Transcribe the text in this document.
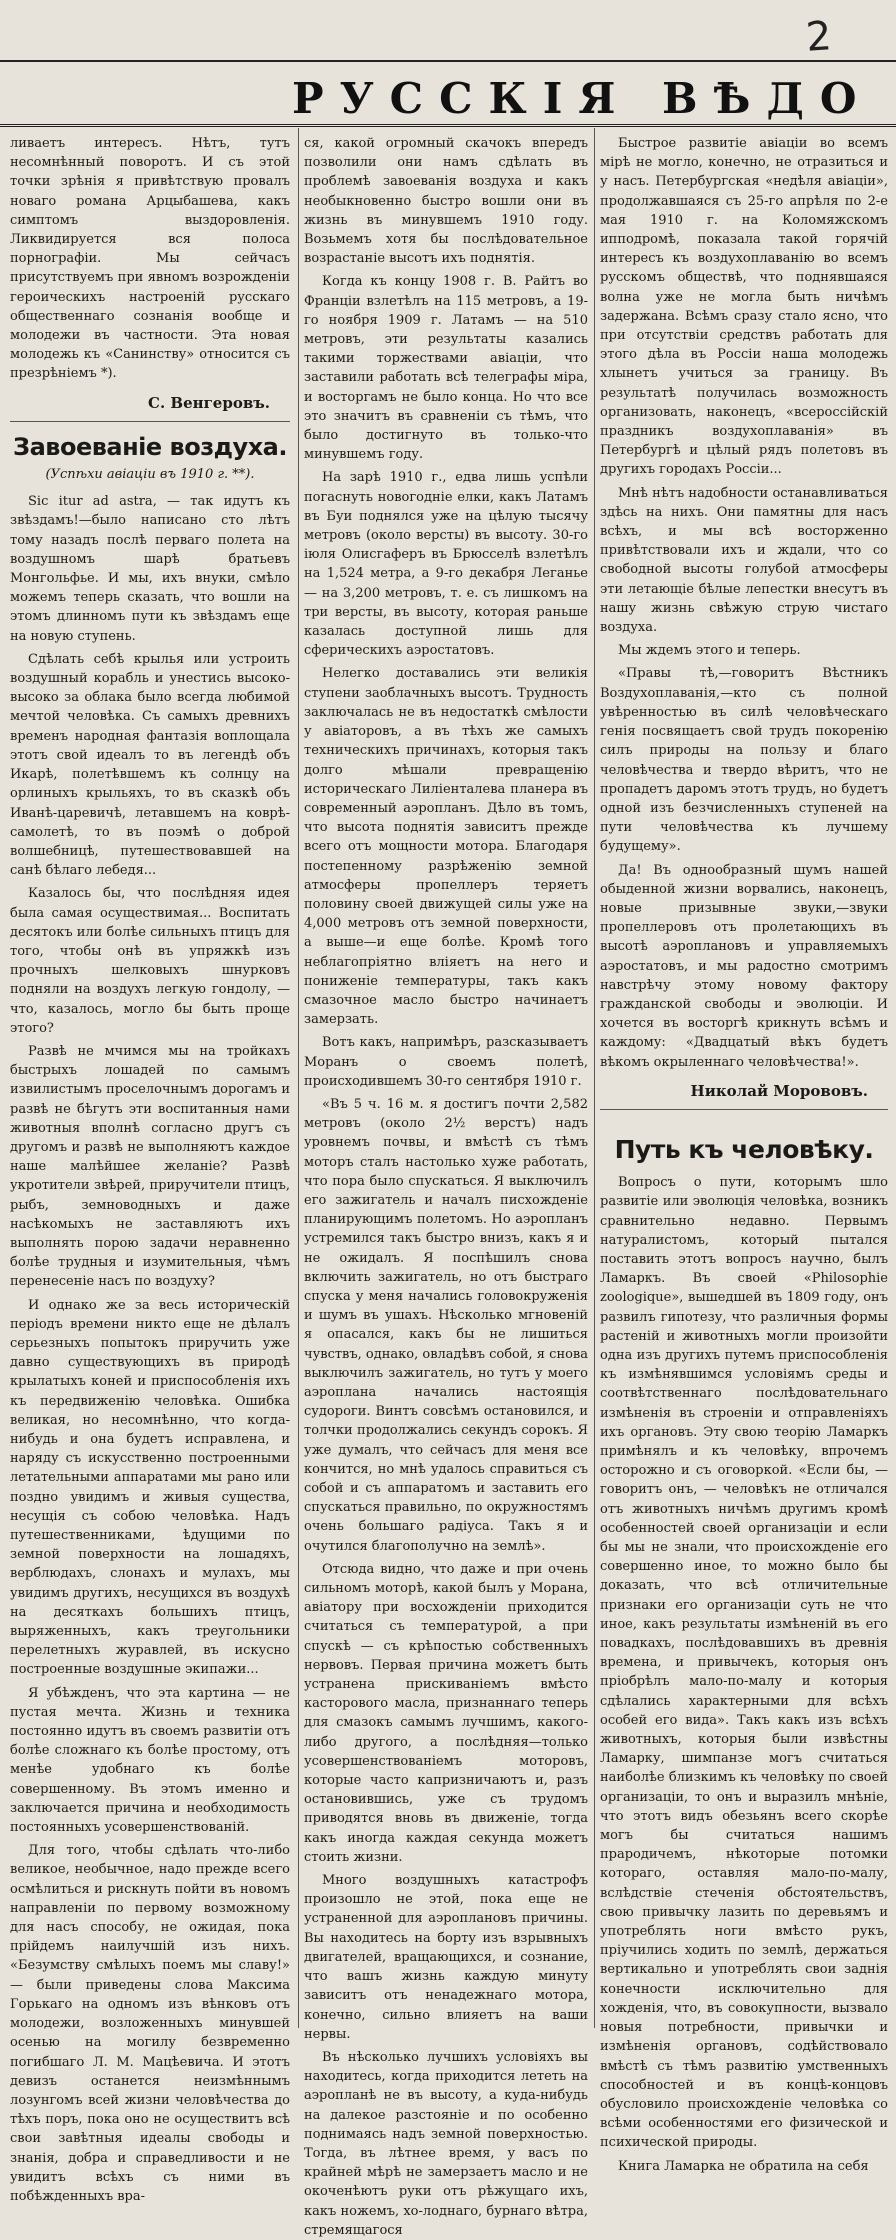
2
РУССКІЯ ВѢДО

ливаетъ интересъ. Нѣтъ, тутъ несомнѣнный поворотъ. И съ этой точки зрѣнія я привѣтствую провалъ новаго романа Арцыбашева, какъ симптомъ выздоровленія. Ликвидируется вся полоса порнографіи. Мы сейчасъ присутствуемъ при явномъ возрожденіи героическихъ настроеній русскаго общественнаго сознанія вообще и молодежи въ частности. Эта новая молодежь къ «Санинству» относится съ презрѣніемъ *).

С. Венгеровъ.
Завоеваніе воздуха.
(Успѣхи авіаціи въ 1910 г. **).

Sic itur ad astra, — так идутъ къ звѣздамъ!—было написано сто лѣтъ тому назадъ послѣ перваго полета на воздушномъ шарѣ братьевъ Монгольфье. И мы, ихъ внуки, смѣло можемъ теперь сказать, что вошли на этомъ длинномъ пути къ звѣздамъ еще на новую ступень.

Сдѣлать себѣ крылья или устроить воздушный корабль и унестись высоко-высоко за облака было всегда любимой мечтой человѣка. Съ самыхъ древнихъ временъ народная фантазія воплощала этотъ свой идеалъ то въ легендѣ объ Икарѣ, полетѣвшемъ къ солнцу на орлиныхъ крыльяхъ, то въ сказкѣ объ Иванѣ-царевичѣ, летавшемъ на коврѣ-самолетѣ, то въ поэмѣ о доброй волшебницѣ, путешествовавшей на санѣ бѣлаго лебедя...

Казалось бы, что послѣдняя идея была самая осуществимая... Воспитать десятокъ или болѣе сильныхъ птицъ для того, чтобы онѣ въ упряжкѣ изъ прочныхъ шелковыхъ шнурковъ подняли на воздухъ легкую гондолу, —что, казалось, могло бы быть проще этого?

Развѣ не мчимся мы на тройкахъ быстрыхъ лошадей по самымъ извилистымъ проселочнымъ дорогамъ и развѣ не бѣгутъ эти воспитанныя нами животныя вполнѣ согласно другъ съ другомъ и развѣ не выполняютъ каждое наше малѣйшее желаніе? Развѣ укротители звѣрей, приручители птицъ, рыбъ, земноводныхъ и даже насѣкомыхъ не заставляютъ ихъ выполнять порою задачи неравненно болѣе трудныя и изумительныя, чѣмъ перенесеніе насъ по воздуху?

И однако же за весь историческій періодъ времени никто еще не дѣлалъ серьезныхъ попытокъ приручить уже давно существующихъ въ природѣ крылатыхъ коней и приспособленія ихъ къ передвиженію человѣка. Ошибка великая, но несомнѣнно, что когда-нибудь и она будетъ исправлена, и наряду съ искусственно построенными летательными аппаратами мы рано или поздно увидимъ и живыя существа, несущія съ собою человѣка. Надъ путешественниками, ѣдущими по земной поверхности на лошадяхъ, верблюдахъ, слонахъ и мулахъ, мы увидимъ другихъ, несущихся въ воздухѣ на десяткахъ большихъ птицъ, выряженныхъ, какъ треугольники перелетныхъ журавлей, въ искусно построенные воздушные экипажи...

Я убѣжденъ, что эта картина — не пустая мечта. Жизнь и техника постоянно идутъ въ своемъ развитіи отъ болѣе сложнаго къ болѣе простому, отъ менѣе удобнаго къ болѣе совершенному. Въ этомъ именно и заключается причина и необходимость постоянныхъ усовершенствованій.

Для того, чтобы сдѣлать что-либо великое, необычное, надо прежде всего осмѣлиться и рискнуть пойти въ новомъ направленіи по первому возможному для насъ способу, не ожидая, пока прійдемъ наилучшій изъ нихъ. «Безумству смѣлыхъ поемъ мы славу!» — были приведены слова Максима Горькаго на одномъ изъ вѣнковъ отъ молодежи, возложенныхъ минувшей осенью на могилу безвременно погибшаго Л. М. Мацѣевича. И этотъ девизъ останется неизмѣннымъ лозунгомъ всей жизни человѣчества до тѣхъ поръ, пока оно не осуществитъ всѣ свои завѣтныя идеалы свободы и знанія, добра и справедливости и не увидитъ всѣхъ съ ними въ побѣжденныхъ вра-

ся, какой огромный скачокъ впередъ позволили они намъ сдѣлать въ проблемѣ завоеванія воздуха и какъ необыкновенно быстро вошли они въ жизнь въ минувшемъ 1910 году. Возьмемъ хотя бы послѣдовательное возрастаніе высотъ ихъ поднятія.

Когда къ концу 1908 г. В. Райтъ во Франціи взлетѣлъ на 115 метровъ, а 19-го ноября 1909 г. Латамъ — на 510 метровъ, эти результаты казались такими торжествами авіаціи, что заставили работать всѣ телеграфы міра, и восторгамъ не было конца. Но что все это значитъ въ сравненіи съ тѣмъ, что было достигнуто въ только-что минувшемъ году.

На зарѣ 1910 г., едва лишь успѣли погаснуть новогодніе елки, какъ Латамъ въ Буи поднялся уже на цѣлую тысячу метровъ (около версты) въ высоту. 30-го іюля Олисгаферъ въ Брюсселѣ взлетѣлъ на 1,524 метра, а 9-го декабря Леганье — на 3,200 метровъ, т. е. съ лишкомъ на три версты, въ высоту, которая раньше казалась доступной лишь для сферическихъ аэростатовъ.

Нелегко доставались эти великія ступени заоблачныхъ высотъ. Трудность заключалась не въ недостаткѣ смѣлости у авіаторовъ, а въ тѣхъ же самыхъ техническихъ причинахъ, которыя такъ долго мѣшали превращенію историческаго Лиліенталева планера въ современный аэропланъ. Дѣло въ томъ, что высота поднятія зависитъ прежде всего отъ мощности мотора. Благодаря постепенному разрѣженію земной атмосферы пропеллеръ теряетъ половину своей движущей силы уже на 4,000 метровъ отъ земной поверхности, а выше—и еще болѣе. Кромѣ того неблагопріятно вліяетъ на него и пониженіе температуры, такъ какъ смазочное масло быстро начинаетъ замерзать.

Вотъ какъ, напримѣръ, разсказываетъ Моранъ о своемъ полетѣ, происходившемъ 30-го сентября 1910 г.

«Въ 5 ч. 16 м. я достигъ почти 2,582 метровъ (около 2½ верстъ) надъ уровнемъ почвы, и вмѣстѣ съ тѣмъ моторъ сталъ настолько хуже работать, что пора было спускаться. Я выключилъ его зажигатель и началъ писхожденіе планирующимъ полетомъ. Но аэропланъ устремился такъ быстро внизъ, какъ я и не ожидалъ. Я поспѣшилъ снова включить зажигатель, но отъ быстраго спуска у меня начались головокруженія и шумъ въ ушахъ. Нѣсколько мгновеній я опасался, какъ бы не лишиться чувствъ, однако, овладѣвъ собой, я снова выключилъ зажигатель, но тутъ у моего аэроплана начались настоящія судороги. Винтъ совсѣмъ остановился, и толчки продолжались секундъ сорокъ. Я уже думалъ, что сейчасъ для меня все кончится, но мнѣ удалось справиться съ собой и съ аппаратомъ и заставить его спускаться правильно, по окружностямъ очень большаго радіуса. Такъ я и очутился благополучно на землѣ».

Отсюда видно, что даже и при очень сильномъ моторѣ, какой былъ у Морана, авіатору при восхожденіи приходится считаться съ температурой, а при спускѣ — съ крѣпостью собственныхъ нервовъ. Первая причина можетъ быть устранена прискиваніемъ вмѣсто касторового масла, признаннаго теперь для смазокъ самымъ лучшимъ, какого-либо другого, а послѣдняя—только усовершенствованіемъ моторовъ, которые часто капризничаютъ и, разъ остановившись, уже съ трудомъ приводятся вновь въ движеніе, тогда какъ иногда каждая секунда можетъ стоить жизни.

Много воздушныхъ катастрофъ произошло не этой, пока еще не устраненной для аэроплановъ причины. Вы находитесь на борту изъ взрывныхъ двигателей, вращающихся, и сознание, что вашъ жизнь каждую минуту зависитъ отъ ненадежнаго мотора, конечно, сильно влияетъ на ваши нервы.

Въ нѣсколько лучшихъ условіяхъ вы находитесь, когда приходится лететь на аэропланѣ не въ высоту, а куда-нибудь на далекое разстояніе и по особенно поднимаясь надъ земной поверхностью. Тогда, въ лѣтнее время, у васъ по крайней мѣрѣ не замерзаетъ масло и не окоченѣютъ руки отъ рѣжущаго ихъ, какъ ножемъ, хо-лоднаго, бурнаго вѣтра, стремящагося

Быстрое развитіе авіаціи во всемъ мірѣ не могло, конечно, не отразиться и у насъ. Петербургская «недѣля авіаціи», продолжавшаяся съ 25-го апрѣля по 2-е мая 1910 г. на Коломяжскомъ ипподромѣ, показала такой горячій интересъ къ воздухоплаванію во всемъ русскомъ обществѣ, что поднявшаяся волна уже не могла быть ничѣмъ задержана. Всѣмъ сразу стало ясно, что при отсутствіи средствъ работать для этого дѣла въ Россіи наша молодежь хлынетъ учиться за границу. Въ результатѣ получилась возможность организовать, наконецъ, «всероссійскій праздникъ воздухоплаванія» въ Петербургѣ и цѣлый рядъ полетовъ въ другихъ городахъ Россіи...

Мнѣ нѣтъ надобности останавливаться здѣсь на нихъ. Они памятны для насъ всѣхъ, и мы всѣ восторженно привѣтствовали ихъ и ждали, что со свободной высоты голубой атмосферы эти летающіе бѣлые лепестки внесутъ въ нашу жизнь свѣжую струю чистаго воздуха.

Мы ждемъ этого и теперь.

«Правы тѣ,—говоритъ Вѣстникъ Воздухоплаванія,—кто съ полной увѣренностью въ силѣ человѣческаго генія посвящаетъ свой трудъ покоренію силъ природы на пользу и благо человѣчества и твердо вѣритъ, что не пропадетъ даромъ этотъ трудъ, но будетъ одной изъ безчисленныхъ ступеней на пути человѣчества къ лучшему будущему».

Да! Въ однообразный шумъ нашей обыденной жизни ворвались, наконецъ, новые призывные звуки,—звуки пропеллеровъ отъ пролетающихъ въ высотѣ аэроплановъ и управляемыхъ аэростатовъ, и мы радостно смотримъ навстрѣчу этому новому фактору гражданской свободы и эволюціи. И хочется въ восторгѣ крикнуть всѣмъ и каждому: «Двадцатый вѣкъ будетъ вѣкомъ окрыленнаго человѣчества!».

Николай Морововъ.
Путь къ человѣку.

Вопросъ о пути, которымъ шло развитіе или эволюція человѣка, возникъ сравнительно недавно. Первымъ натуралистомъ, который пытался поставить этотъ вопросъ научно, былъ Ламаркъ. Въ своей «Philosophie zoologique», вышедшей въ 1809 году, онъ развилъ гипотезу, что различныя формы растеній и животныхъ могли произойти одна изъ другихъ путемъ приспособленія къ измѣнявшимся условіямъ среды и соотвѣтственнаго послѣдовательнаго измѣненія въ строеніи и отправленіяхъ ихъ органовъ. Эту свою теорію Ламаркъ примѣнялъ и къ человѣку, впрочемъ осторожно и съ оговоркой. «Если бы, — говоритъ онъ, — человѣкъ не отличался отъ животныхъ ничѣмъ другимъ кромѣ особенностей своей организаціи и если бы мы не знали, что происхожденіе его совершенно иное, то можно было бы доказать, что всѣ отличительные признаки его организаціи суть не что иное, какъ результаты измѣненій въ его повадкахъ, послѣдовавшихъ въ древнія времена, и привычекъ, которыя онъ пріобрѣлъ мало-по-малу и которыя сдѣлались характерными для всѣхъ особей его вида». Такъ какъ изъ всѣхъ животныхъ, которыя были извѣстны Ламарку, шимпанзе могъ считаться наиболѣе близкимъ къ человѣку по своей организаціи, то онъ и выразилъ мнѣніе, что этотъ видъ обезьянъ всего скорѣе могъ бы считаться нашимъ прародичемъ, нѣкоторые потомки котораго, оставляя мало-по-малу, вслѣдствіе стеченія обстоятельствъ, свою привычку лазить по деревьямъ и употреблять ноги вмѣсто рукъ, пріучились ходить по землѣ, держаться вертикально и употреблять свои заднія конечности исключительно для хожденія, что, въ совокупности, вызвало новыя потребности, привычки и измѣненія органовъ, содѣйствовало вмѣстѣ съ тѣмъ развитію умственныхъ способностей и въ концѣ-концовъ обусловило происхожденіе человѣка со всѣми особенностями его физической и психической природы.

Книга Ламарка не обратила на себя
